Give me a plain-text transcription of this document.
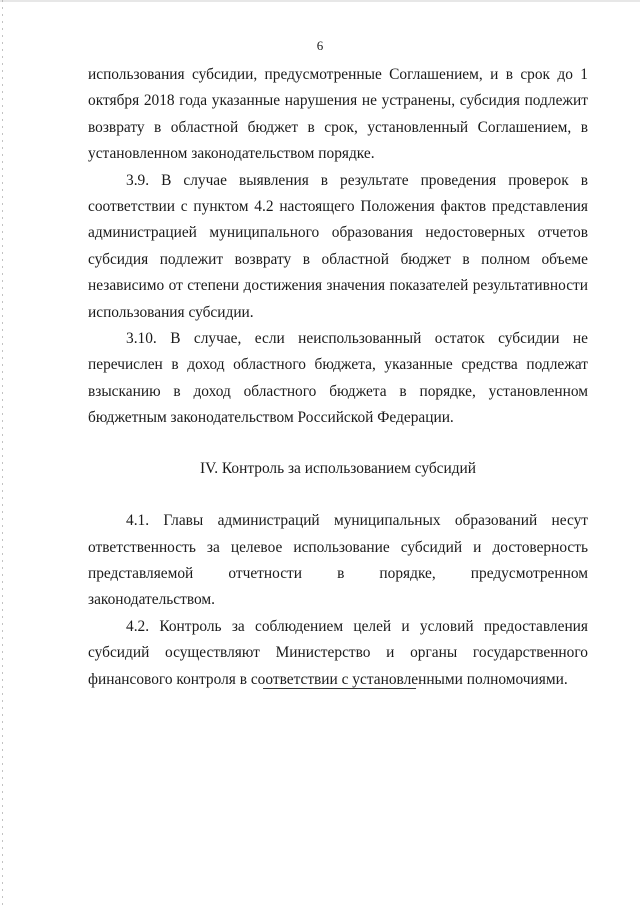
6

использования субсидии, предусмотренные Соглашением, и в срок до 1 октября 2018 года указанные нарушения не устранены, субсидия подлежит возврату в областной бюджет в срок, установленный Соглашением, в установленном законодательством порядке.

3.9. В случае выявления в результате проведения проверок в соответствии с пунктом 4.2 настоящего Положения фактов представления администрацией муниципального образования недостоверных отчетов субсидия подлежит возврату в областной бюджет в полном объеме независимо от степени достижения значения показателей результативности использования субсидии.

3.10. В случае, если неиспользованный остаток субсидии не перечислен в доход областного бюджета, указанные средства подлежат взысканию в доход областного бюджета в порядке, установленном бюджетным законодательством Российской Федерации.

IV. Контроль за использованием субсидий

4.1. Главы администраций муниципальных образований несут ответственность за целевое использование субсидий и достоверность представляемой отчетности в порядке, предусмотренном законодательством.

4.2. Контроль за соблюдением целей и условий предоставления субсидий осуществляют Министерство и органы государственного финансового контроля в соответствии с установленными полномочиями.
